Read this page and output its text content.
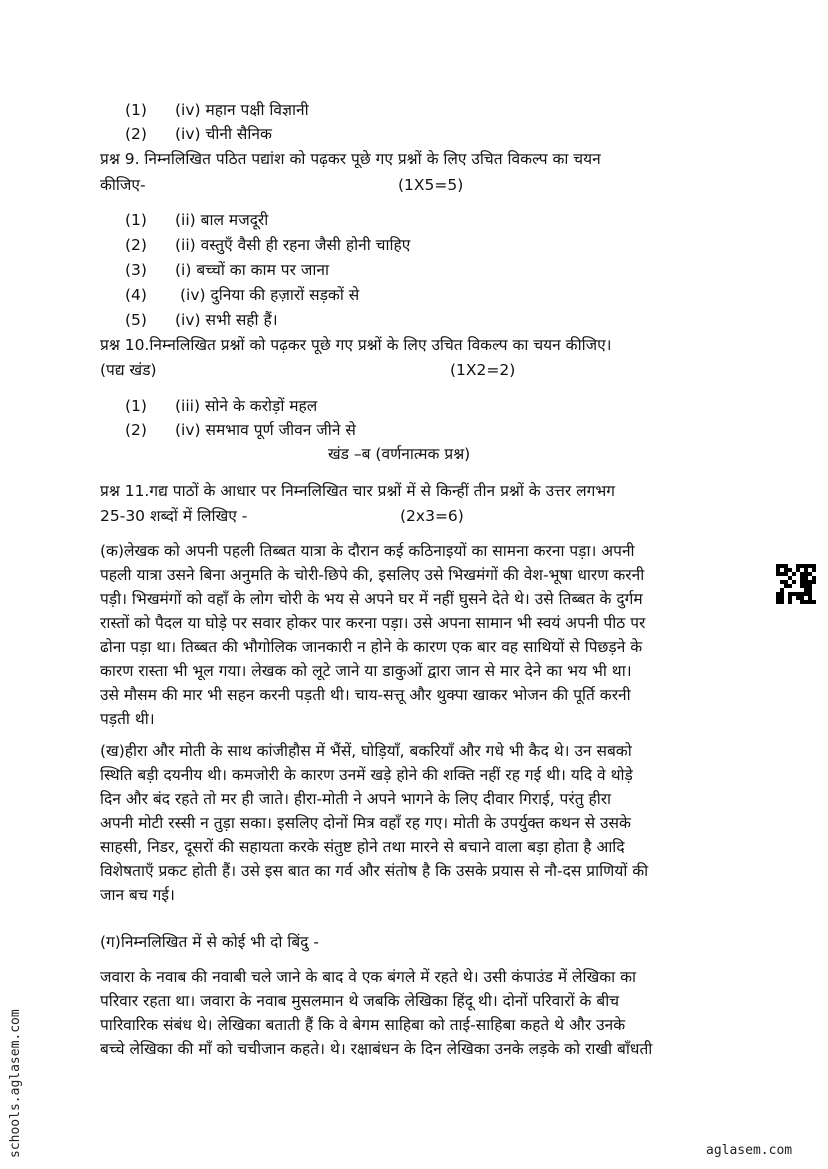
(1) (iv) महान पक्षी विज्ञानी
(2) (iv) चीनी सैनिक
प्रश्न 9. निम्नलिखित पठित पद्यांश को पढ़कर पूछे गए प्रश्नों के लिए उचित विकल्प का चयन
कीजिए-	(1X5=5)
(1) (ii) बाल मजदूरी
(2) (ii) वस्तुएँ वैसी ही रहना जैसी होनी चाहिए
(3) (i) बच्चों का काम पर जाना
(4) (iv) दुनिया की हज़ारों सड़कों से
(5) (iv) सभी सही हैं।
प्रश्न 10.निम्नलिखित प्रश्नों को पढ़कर पूछे गए प्रश्नों के लिए उचित विकल्प का चयन कीजिए।
(पद्य खंड)	(1X2=2)
(1) (iii) सोने के करोड़ों महल
(2) (iv) समभाव पूर्ण जीवन जीने से
खंड –ब (वर्णनात्मक प्रश्न)
प्रश्न 11.गद्य पाठों के आधार पर निम्नलिखित चार प्रश्नों में से किन्हीं तीन प्रश्नों के उत्तर लगभग
25-30 शब्दों में लिखिए -	(2x3=6)
(क)लेखक को अपनी पहली तिब्बत यात्रा के दौरान कई कठिनाइयों का सामना करना पड़ा। अपनी
पहली यात्रा उसने बिना अनुमति के चोरी-छिपे की, इसलिए उसे भिखमंगों की वेश-भूषा धारण करनी
पड़ी। भिखमंगों को वहाँ के लोग चोरी के भय से अपने घर में नहीं घुसने देते थे। उसे तिब्बत के दुर्गम
रास्तों को पैदल या घोड़े पर सवार होकर पार करना पड़ा। उसे अपना सामान भी स्वयं अपनी पीठ पर
ढोना पड़ा था। तिब्बत की भौगोलिक जानकारी न होने के कारण एक बार वह साथियों से पिछड़ने के
कारण रास्ता भी भूल गया। लेखक को लूटे जाने या डाकुओं द्वारा जान से मार देने का भय भी था।
उसे मौसम की मार भी सहन करनी पड़ती थी। चाय-सत्तू और थुक्पा खाकर भोजन की पूर्ति करनी
पड़ती थी।
(ख)हीरा और मोती के साथ कांजीहौस में भैंसें, घोड़ियाँ, बकरियाँ और गधे भी कैद थे। उन सबको
स्थिति बड़ी दयनीय थी। कमजोरी के कारण उनमें खड़े होने की शक्ति नहीं रह गई थी। यदि वे थोड़े
दिन और बंद रहते तो मर ही जाते। हीरा-मोती ने अपने भागने के लिए दीवार गिराई, परंतु हीरा
अपनी मोटी रस्सी न तुड़ा सका। इसलिए दोनों मित्र वहाँ रह गए। मोती के उपर्युक्त कथन से उसके
साहसी, निडर, दूसरों की सहायता करके संतुष्ट होने तथा मारने से बचाने वाला बड़ा होता है आदि
विशेषताएँ प्रकट होती हैं। उसे इस बात का गर्व और संतोष है कि उसके प्रयास से नौ-दस प्राणियों की
जान बच गई।
(ग)निम्नलिखित में से कोई भी दो बिंदु -
जवारा के नवाब की नवाबी चले जाने के बाद वे एक बंगले में रहते थे। उसी कंपाउंड में लेखिका का
परिवार रहता था। जवारा के नवाब मुसलमान थे जबकि लेखिका हिंदू थी। दोनों परिवारों के बीच
पारिवारिक संबंध थे। लेखिका बताती हैं कि वे बेगम साहिबा को ताई-साहिबा कहते थे और उनके
बच्चे लेखिका की माँ को चचीजान कहते। थे। रक्षाबंधन के दिन लेखिका उनके लड़के को राखी बाँधती
schools.aglasem.com	aglasem.com
